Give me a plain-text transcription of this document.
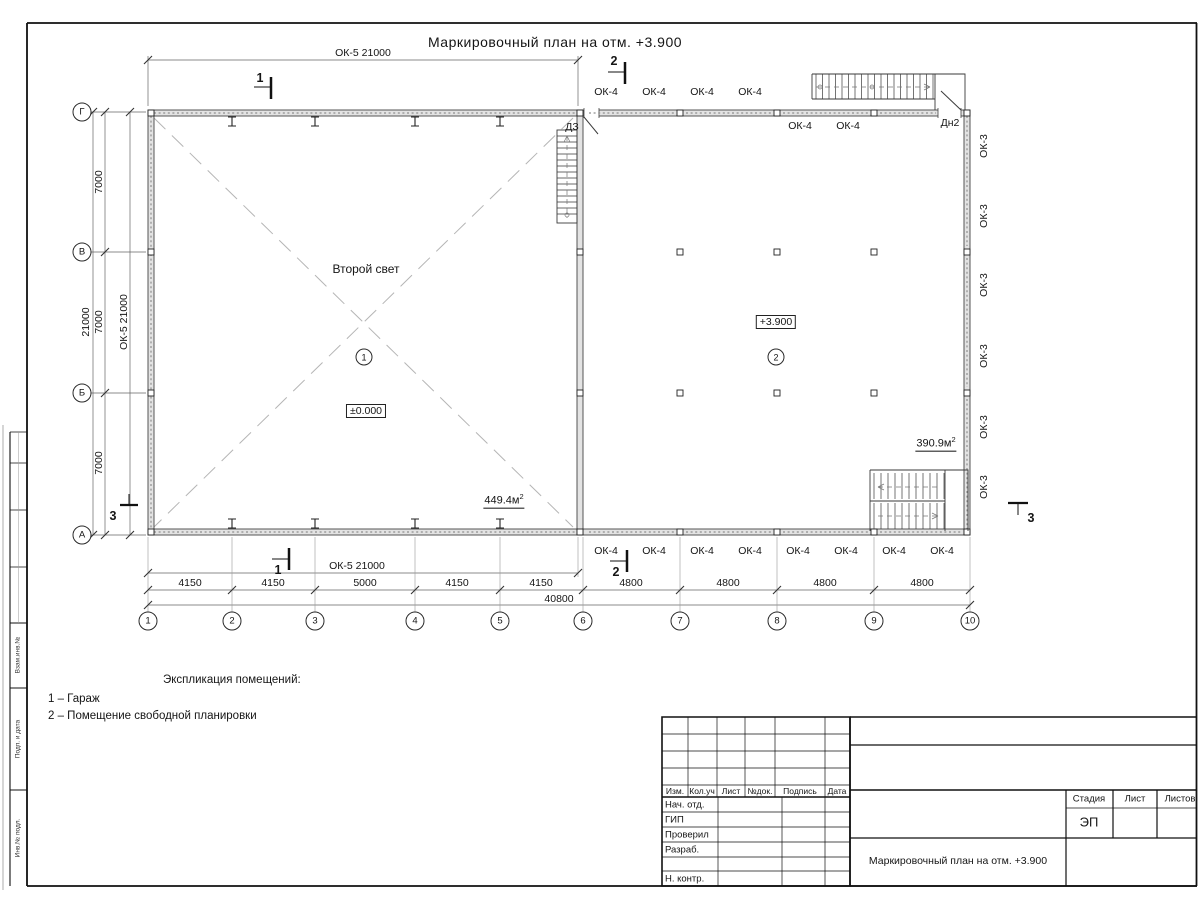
Маркировочный план на отм. +3.900
ОК-5 21000
1
2
1	2
3	3
ОК-4 ОК-4 ОК-4 ОК-4
ОК-4 ОК-4
ДЗ	Дн2
ОК-3
ОК-3
ОК-3
ОК-3
ОК-3
ОК-3
21000
7000
7000
7000
ОК-5 21000
Г
В
Б
А
Второй свет
1	2
±0.000
+3.900
$449.4м^2$
$390.9м^2$
ОК-4 ОК-4 ОК-4 ОК-4 ОК-4 ОК-4 ОК-4 ОК-4
ОК-5 21000
4150	4150	5000	4150	4150	4800	4800	4800	4800
40800
1	2	3	4	5	6	7	8	9	10
Экспликация помещений:
1 – Гараж
2 – Помещение свободной планировки
Взам.инв.№
Подп. и дата
Инв.№ подл.
Изм. Кол.уч Лист №док. Подпись Дата
Нач. отд.
ГИП
Проверил
Разраб.
Н. контр.
Стадия Лист Листов
ЭП
Маркировочный план на отм. +3.900
